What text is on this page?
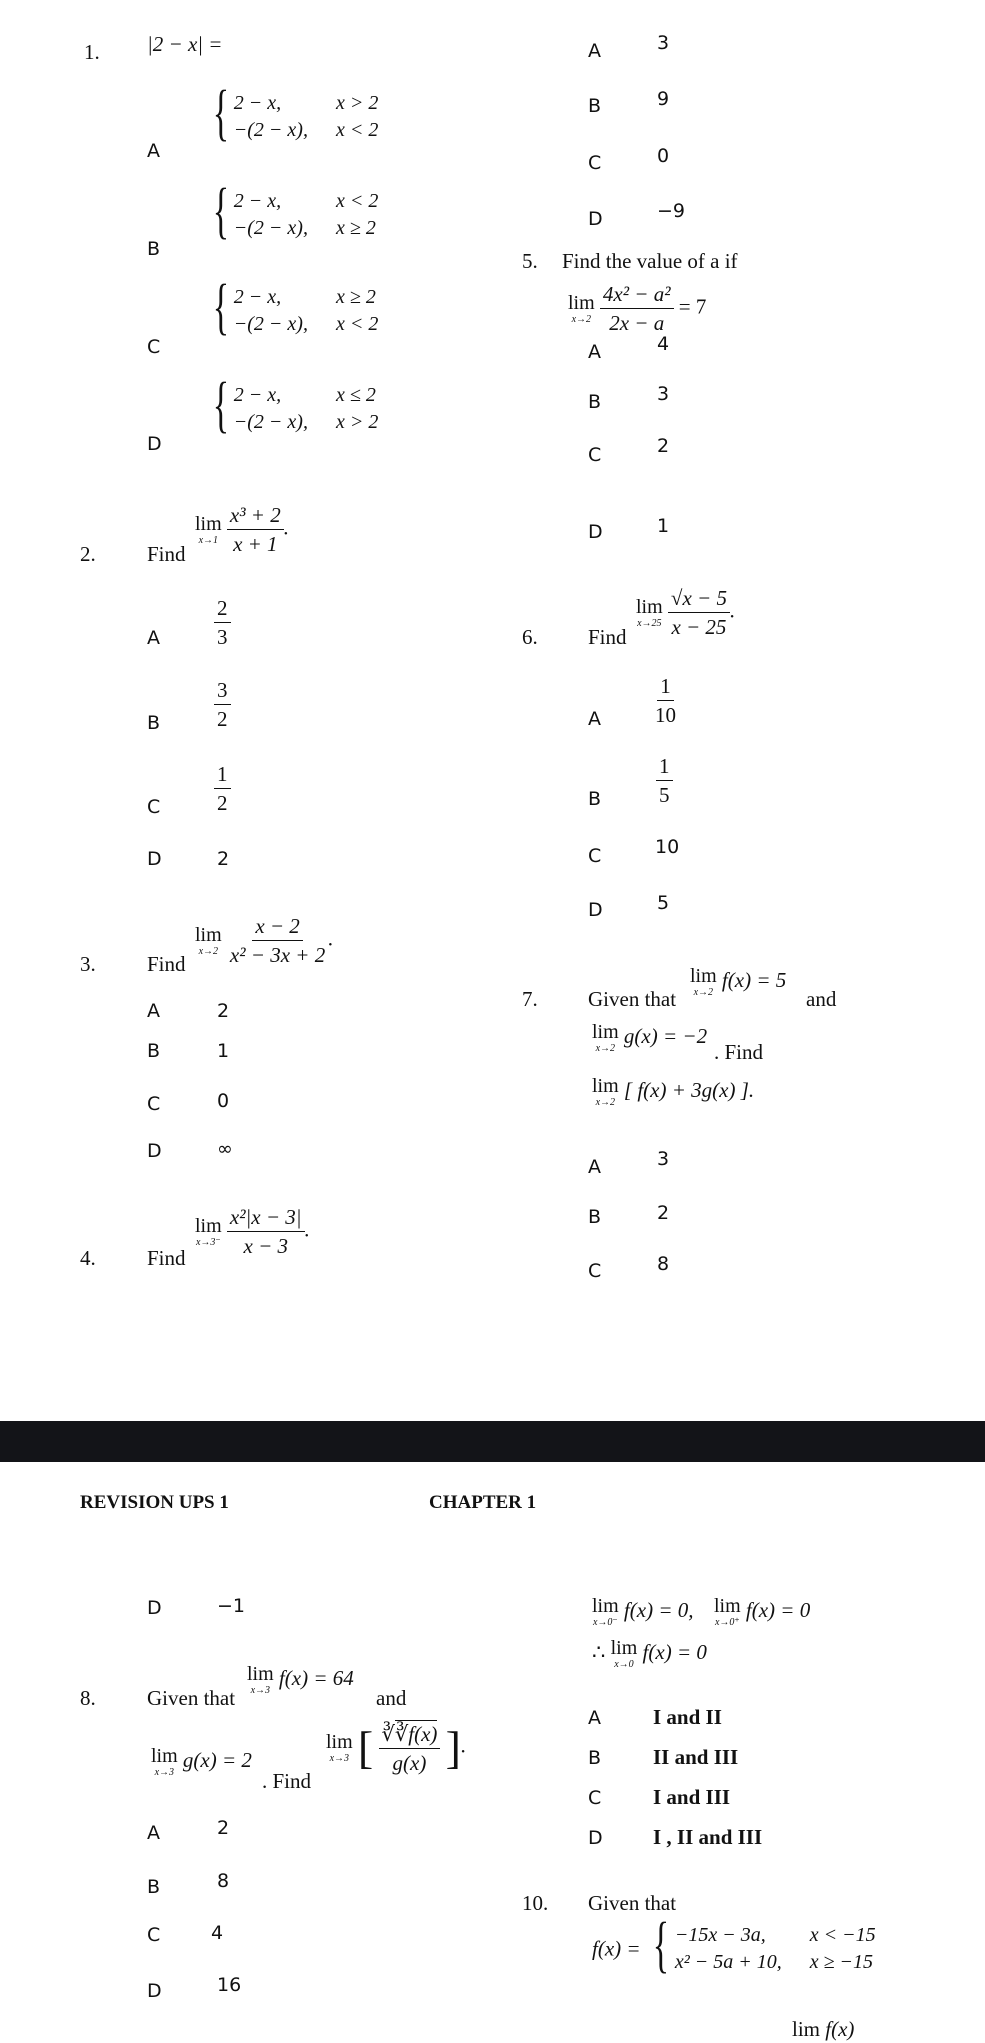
1. |2 − x| =
A
{ 2 − x,	x > 2
−(2 − x), x < 2
B
{ 2 − x,	x < 2
−(2 − x), x ≥ 2
C
{ 2 − x,	x ≥ 2
−(2 − x), x < 2
D
{ 2 − x,	x ≤ 2
−(2 − x), x > 2
2. Find
lim
x→1
$\frac{\text{x³ + 2}}{x + 1}$ .
A	$\frac{2}{3}$
B	$\frac{3}{2}$
C	$\frac{1}{2}$
D	2
3. Find
lim
x→2
$\frac{x - 2}{\text{x² − 3x + 2}}$ .
A	2
B	1
C	0
D	∞
4. Find
lim
x→3⁻
$\frac{\text{x²|x − 3|}}{x - 3}$ .
A	3
B	9
C	0
D	−9
5. Find the value of a if
lim
x→2
$\frac{\text{4x² − a²}}{2x - a} = 7$
A	4
B	3
C	2
D	1
6. Find
lim
x→25
$\frac{√x - 5}{x - 25}$ .
A $\frac{1}{10}$
B	$\frac{1}{5}$
C	10
D	5
7. Given that
lim
x→2
f(x) = 5
and
lim
x→2
g(x) = −2
. Find
lim
x→2
[ f(x) + 3g(x) ].
A	3
B	2
C	8
REVISION UPS 1	CHAPTER 1
D	−1
8. Given that
lim
x→3
f(x) = 64
and
lim
x→3
g(x) = 2
. Find
lim
x→3 [ $\frac{∛∛f(x)}{g(x)}$ ].
A	2
B	8
C	4
D	16
lim
x→0⁻
f(x) = 0, lim
x→0⁺
f(x) = 0
∴ lim
x→0
f(x) = 0
A I and II
B II and III
C I and III
D I , II and III
10. Given that
f(x) = { −15x − 3a,	x < −15
x² − 5a + 10, x ≥ −15
lim f(x)
